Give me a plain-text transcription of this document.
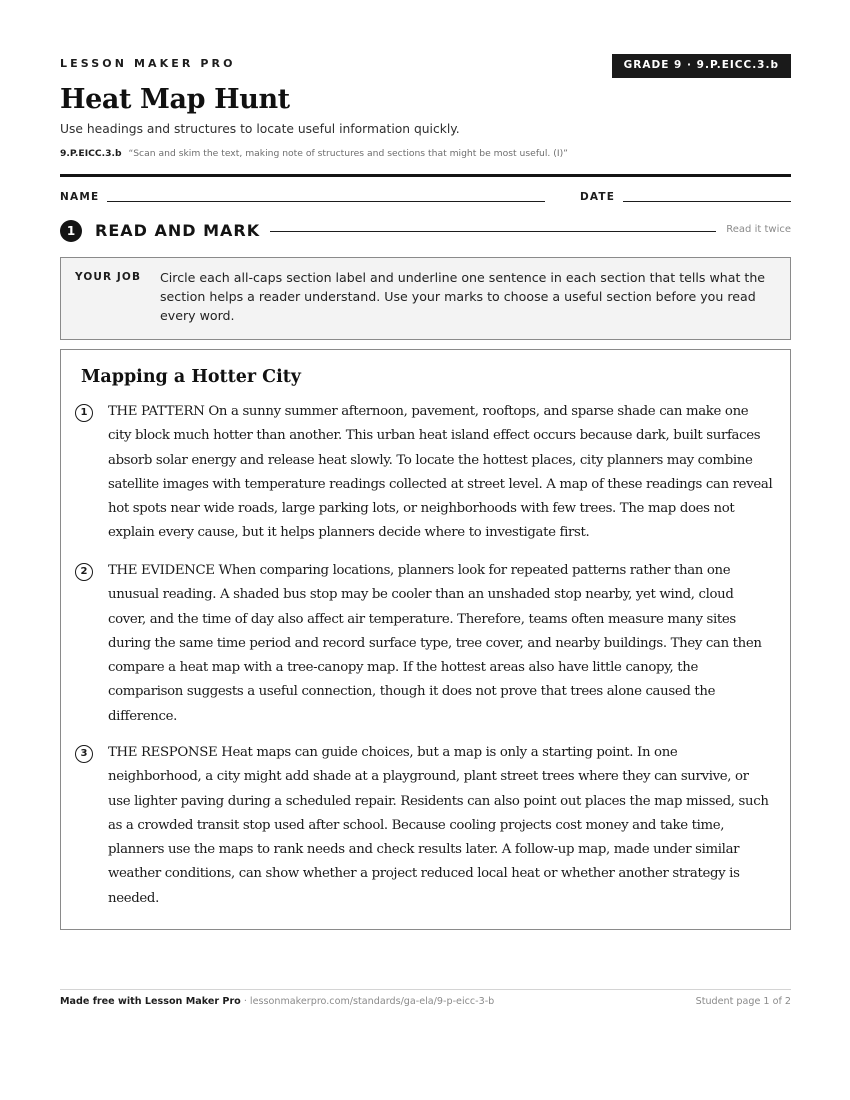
LESSON MAKER PRO	GRADE 9 · 9.P.EICC.3.b
Heat Map Hunt
Use headings and structures to locate useful information quickly.
9.P.EICC.3.b “Scan and skim the text, making note of structures and sections that might be most useful. (I)”
NAME	DATE
1	READ AND MARK	Read it twice
YOUR JOB Circle each all-caps section label and underline one sentence in each section that tells what the section helps a reader understand. Use your marks to choose a useful section before you read every word.
Mapping a Hotter City
1	THE PATTERN On a sunny summer afternoon, pavement, rooftops, and sparse shade can make one city block much hotter than another. This urban heat island effect occurs because dark, built surfaces absorb solar energy and release heat slowly. To locate the hottest places, city planners may combine satellite images with temperature readings collected at street level. A map of these readings can reveal hot spots near wide roads, large parking lots, or neighborhoods with few trees. The map does not explain every cause, but it helps planners decide where to investigate first.

2	THE EVIDENCE When comparing locations, planners look for repeated patterns rather than one unusual reading. A shaded bus stop may be cooler than an unshaded stop nearby, yet wind, cloud cover, and the time of day also affect air temperature. Therefore, teams often measure many sites during the same time period and record surface type, tree cover, and nearby buildings. They can then compare a heat map with a tree-canopy map. If the hottest areas also have little canopy, the comparison suggests a useful connection, though it does not prove that trees alone caused the difference.

3	THE RESPONSE Heat maps can guide choices, but a map is only a starting point. In one neighborhood, a city might add shade at a playground, plant street trees where they can survive, or use lighter paving during a scheduled repair. Residents can also point out places the map missed, such as a crowded transit stop used after school. Because cooling projects cost money and take time, planners use the maps to rank needs and check results later. A follow-up map, made under similar weather conditions, can show whether a project reduced local heat or whether another strategy is needed.

Made free with Lesson Maker Pro · lessonmakerpro.com/standards/ga-ela/9-p-eicc-3-b	Student page 1 of 2
